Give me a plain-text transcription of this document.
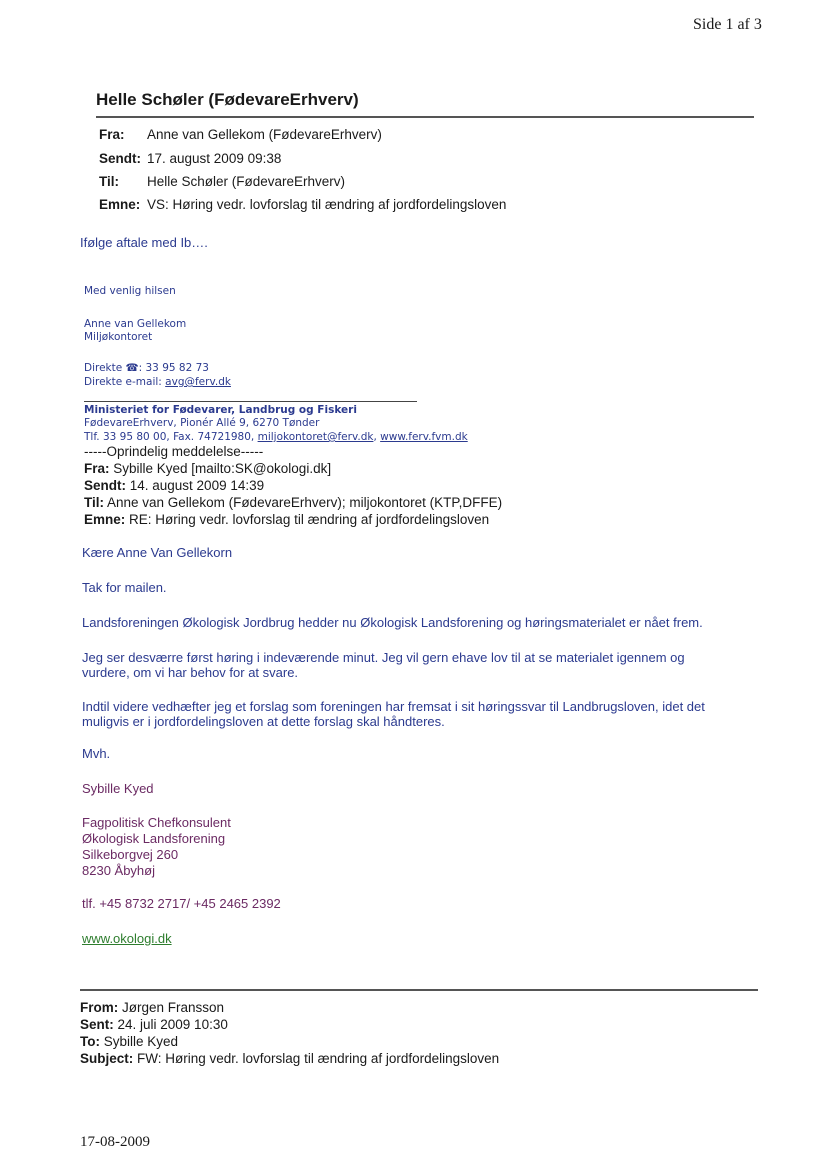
Side 1 af 3
Helle Schøler (FødevareErhverv)
Fra: Anne van Gellekom (FødevareErhverv)
Sendt: 17. august 2009 09:38
Til: Helle Schøler (FødevareErhverv)
Emne: VS: Høring vedr. lovforslag til ændring af jordfordelingsloven
Ifølge aftale med Ib….
Med venlig hilsen
Anne van Gellekom
Miljøkontoret
Direkte ☎: 33 95 82 73
Direkte e-mail: avg@ferv.dk
Ministeriet for Fødevarer, Landbrug og Fiskeri
FødevareErhverv, Pionér Allé 9, 6270 Tønder
Tlf. 33 95 80 00, Fax. 74721980, miljokontoret@ferv.dk, www.ferv.fvm.dk
-----Oprindelig meddelelse-----
Fra: Sybille Kyed [mailto:SK@okologi.dk]
Sendt: 14. august 2009 14:39
Til: Anne van Gellekom (FødevareErhverv); miljokontoret (KTP,DFFE)
Emne: RE: Høring vedr. lovforslag til ændring af jordfordelingsloven
Kære Anne Van Gellekorn
Tak for mailen.
Landsforeningen Økologisk Jordbrug hedder nu Økologisk Landsforening og høringsmaterialet er nået frem.
Jeg ser desværre først høring i indeværende minut. Jeg vil gern ehave lov til at se materialet igennem og
vurdere, om vi har behov for at svare.
Indtil videre vedhæfter jeg et forslag som foreningen har fremsat i sit høringssvar til Landbrugsloven, idet det
muligvis er i jordfordelingsloven at dette forslag skal håndteres.
Mvh.
Sybille Kyed
Fagpolitisk Chefkonsulent
Økologisk Landsforening
Silkeborgvej 260
8230 Åbyhøj
tlf. +45 8732 2717/ +45 2465 2392
www.okologi.dk
From: Jørgen Fransson
Sent: 24. juli 2009 10:30
To: Sybille Kyed
Subject: FW: Høring vedr. lovforslag til ændring af jordfordelingsloven
17-08-2009
